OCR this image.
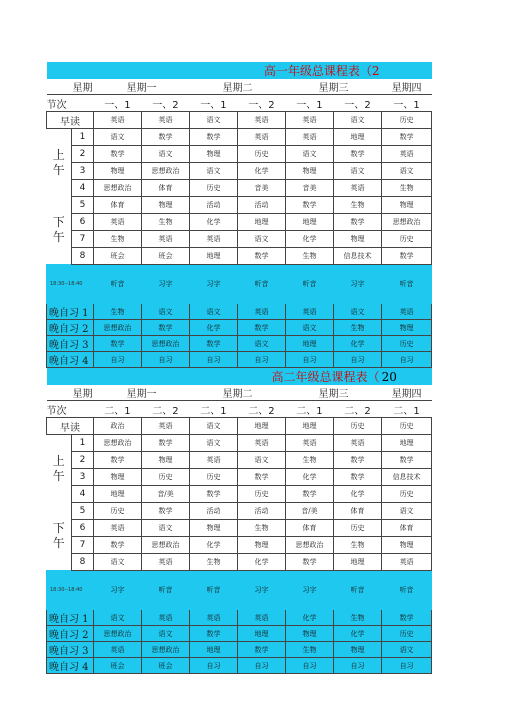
			高一年级总课程表（2					
	星期	星期一		星期二		星期三		星期四
节次		一、1	一、2	一、1	一、2	一、1	一、2	一、1
早读		英语	英语	语文	英语	英语	语文	历史
上
午	1	语文	数学	数学	英语	英语	地理	数学
	2	数学	语文	物理	历史	语文	数学	英语
	3	物理	思想政治	语文	化学	物理	语文	语文
	4	思想政治	体育	历史	音美	音美	英语	生物
下
午	5	体育	物理	活动	活动	数学	生物	物理
	6	英语	生物	化学	地理	地理	数学	思想政治
	7	生物	英语	英语	语文	化学	物理	历史
	8	班会	班会	地理	数学	生物	信息技术	数学
18:30--18:40		听音	习字	习字	听音	听音	习字	听音
晚自习 1		生物	语文	语文	英语	英语	语文	英语
晚自习 2		思想政治	数学	化学	数学	语文	生物	物理
晚自习 3		数学	思想政治	数学	语文	地理	化学	历史
晚自习 4		自习	自习	自习	自习	自习	自习	自习
			高二年级总课程表（					20
	星期	星期一		星期二		星期三		星期四
节次		二、1	二、2	二、1	二、2	二、1	二、2	二、1
早读		政治	英语	语文	地理	地理	历史	历史
上
午	1	思想政治	数学	语文	英语	英语	英语	地理
	2	数学	物理	英语	语文	生物	数学	数学
	3	物理	历史	历史	数学	化学	数学	信息技术
	4	地理	音/美	数学	历史	数学	化学	历史
下
午	5	历史	数学	活动	活动	音/美	体育	语文
	6	英语	语文	物理	生物	体育	历史	体育
	7	数学	思想政治	化学	物理	思想政治	生物	物理
	8	语文	英语	生物	化学	数学	地理	英语
18:30--18:40		习字	听音	听音	习字	习字	听音	听音
晚自习 1		语文	英语	英语	英语	化学	生物	数学
晚自习 2		思想政治	语文	数学	地理	物理	化学	历史
晚自习 3		英语	思想政治	地理	数学	生物	物理	语文
晚自习 4		班会	班会	自习	自习	自习	自习	自习
